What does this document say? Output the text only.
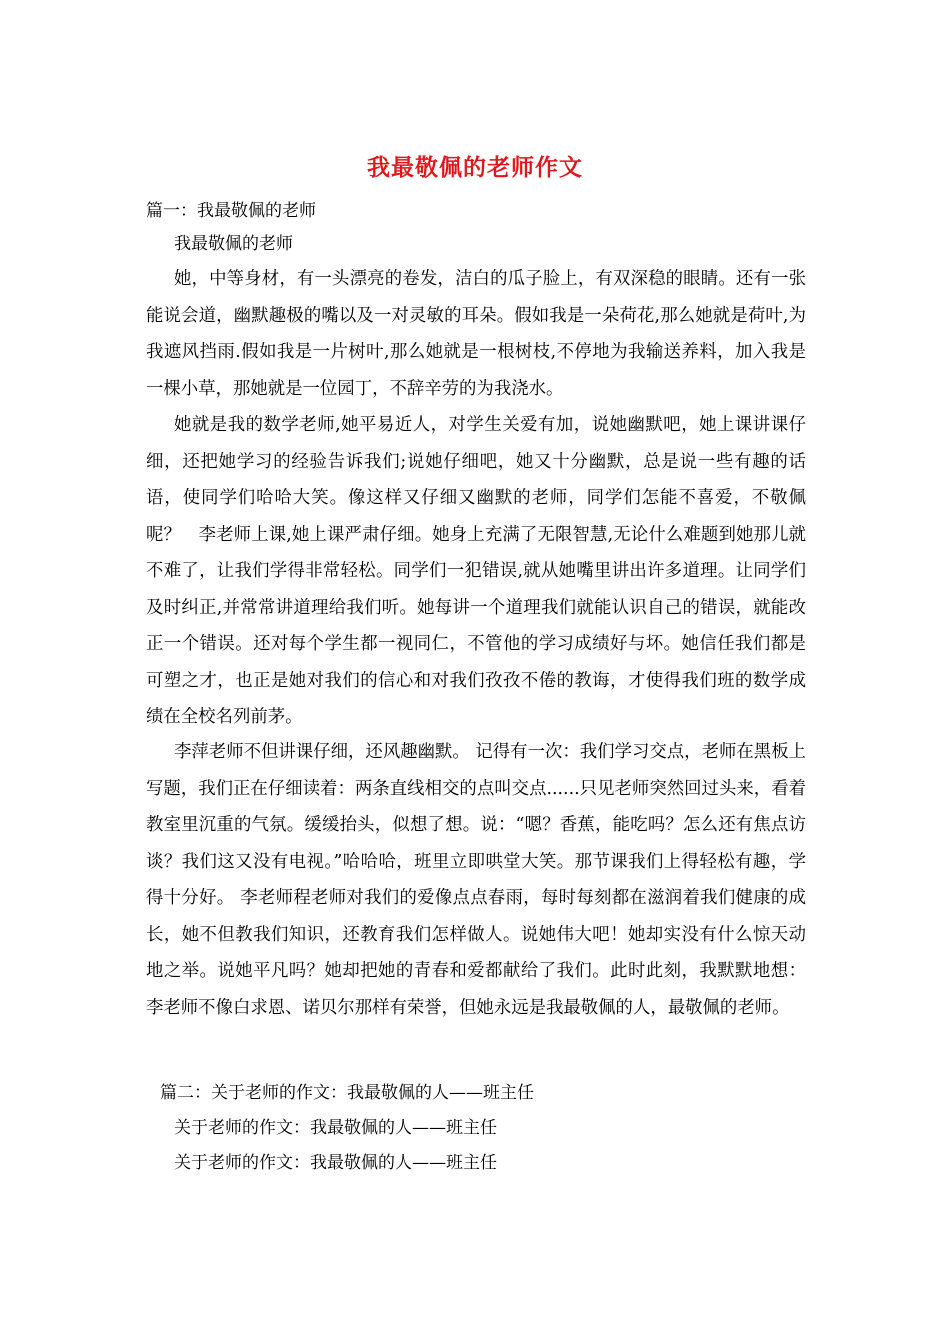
我最敬佩的老师作文
篇一：我最敬佩的老师
我最敬佩的老师
她，中等身材，有一头漂亮的卷发，洁白的瓜子脸上，有双深稳的眼睛。还有一张能说会道，幽默趣极的嘴以及一对灵敏的耳朵。假如我是一朵荷花,那么她就是荷叶,为我遮风挡雨.假如我是一片树叶,那么她就是一根树枝,不停地为我输送养料，加入我是一棵小草，那她就是一位园丁，不辞辛劳的为我浇水。
她就是我的数学老师,她平易近人，对学生关爱有加，说她幽默吧，她上课讲课仔细，还把她学习的经验告诉我们;说她仔细吧，她又十分幽默，总是说一些有趣的话语，使同学们哈哈大笑。像这样又仔细又幽默的老师，同学们怎能不喜爱，不敬佩呢？　李老师上课,她上课严肃仔细。她身上充满了无限智慧,无论什么难题到她那儿就不难了，让我们学得非常轻松。同学们一犯错误,就从她嘴里讲出许多道理。让同学们及时纠正,并常常讲道理给我们听。她每讲一个道理我们就能认识自己的错误，就能改正一个错误。还对每个学生都一视同仁，不管他的学习成绩好与坏。她信任我们都是可塑之才，也正是她对我们的信心和对我们孜孜不倦的教诲，才使得我们班的数学成绩在全校名列前茅。
李萍老师不但讲课仔细，还风趣幽默。 记得有一次：我们学习交点，老师在黑板上写题，我们正在仔细读着：两条直线相交的点叫交点......只见老师突然回过头来，看着教室里沉重的气氛。缓缓抬头，似想了想。说：“嗯？香蕉，能吃吗？怎么还有焦点访谈？我们这又没有电视。”哈哈哈，班里立即哄堂大笑。那节课我们上得轻松有趣，学得十分好。 李老师程老师对我们的爱像点点春雨，每时每刻都在滋润着我们健康的成长，她不但教我们知识，还教育我们怎样做人。说她伟大吧！她却实没有什么惊天动地之举。说她平凡吗？她却把她的青春和爱都献给了我们。此时此刻，我默默地想：李老师不像白求恩、诺贝尔那样有荣誉，但她永远是我最敬佩的人，最敬佩的老师。
篇二：关于老师的作文：我最敬佩的人——班主任
关于老师的作文：我最敬佩的人——班主任
关于老师的作文：我最敬佩的人——班主任
